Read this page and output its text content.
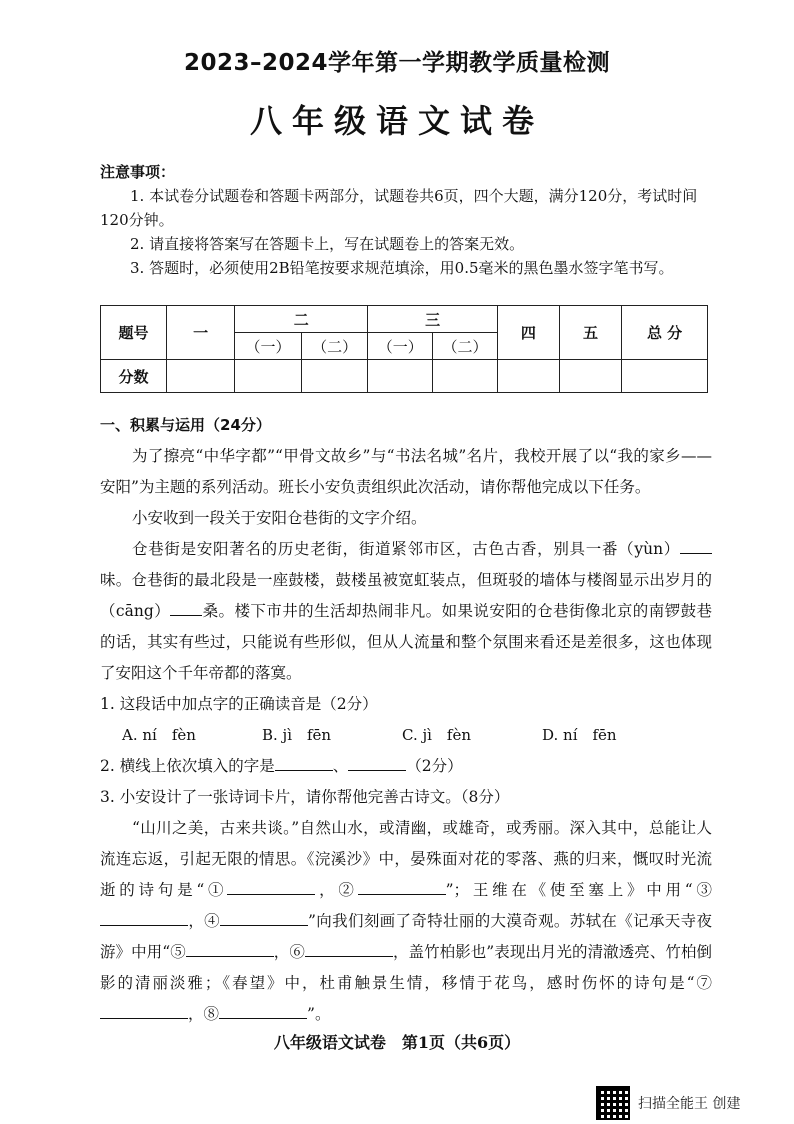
2023–2024学年第一学期教学质量检测
八年级语文试卷
注意事项：
1. 本试卷分试题卷和答题卡两部分，试题卷共6页，四个大题，满分120分，考试时间120分钟。
2. 请直接将答案写在答题卡上，写在试题卷上的答案无效。
3. 答题时，必须使用2B铅笔按要求规范填涂，用0.5毫米的黑色墨水签字笔书写。
题号	一	二		三		四	五	总 分
		（一）	（二）	（一）	（二）			
分数								
一、积累与运用（24分）

为了擦亮“中华字都”“甲骨文故乡”与“书法名城”名片，我校开展了以“我的家乡——安阳”为主题的系列活动。班长小安负责组织此次活动，请你帮他完成以下任务。

小安收到一段关于安阳仓巷街的文字介绍。

仓巷街是安阳著名的历史老街，街道紧邻市区，古色古香，别具一番（yùn）味。仓巷街的最北段是一座鼓楼，鼓楼虽被宽虹装点，但斑驳的墙体与楼阁显示出岁月的（cāng） 桑。楼下市井的生活却热闹非凡。如果说安阳的仓巷街像北京的南锣鼓巷的话，其实有些过，只能说有些形似，但从人流量和整个氛围来看还是差很多，这也体现了安阳这个千年帝都的落寞。

1. 这段话中加点字的正确读音是（2分）
A. ní　fèn	B. jì　fēn	C. jì　fèn	D. ní　fēn
2. 横线上依次填入的字是	、	（2分）
3. 小安设计了一张诗词卡片，请你帮他完善古诗文。（8分）

“山川之美，古来共谈。”自然山水，或清幽，或雄奇，或秀丽。深入其中，总能让人流连忘返，引起无限的情思。《浣溪沙》中，晏殊面对花的零落、燕的归来，慨叹时光流逝的诗句是“①	，②	”；王维在《使至塞上》中用“③，④	”向我们刻画了奇特壮丽的大漠奇观。苏轼在《记承天寺夜游》中用“⑤	，⑥	，盖竹柏影也”表现出月光的清澈透亮、竹柏倒影的清丽淡雅；《春望》中，杜甫触景生情，移情于花鸟，感时伤怀的诗句是“⑦，⑧	”。

八年级语文试卷　第1页（共6页）
扫描全能王 创建
